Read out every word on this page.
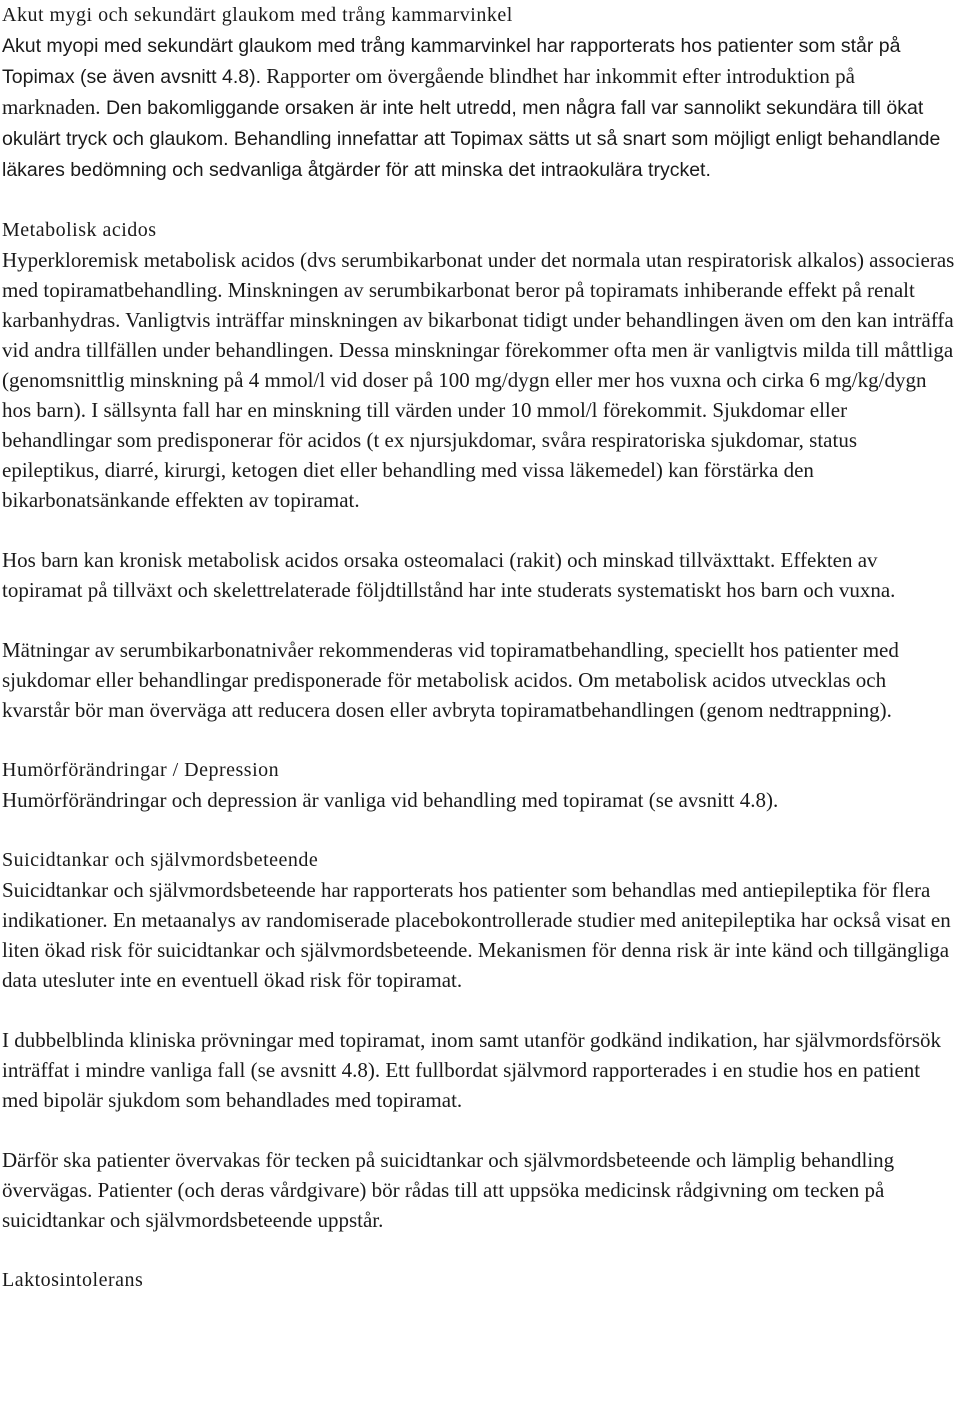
Akut mygi och sekundärt glaukom med trång kammarvinkel

Akut myopi med sekundärt glaukom med trång kammarvinkel har rapporterats hos patienter som står på Topimax (se även avsnitt 4.8). Rapporter om övergående blindhet har inkommit efter introduktion på marknaden. Den bakomliggande orsaken är inte helt utredd, men några fall var sannolikt sekundära till ökat okulärt tryck och glaukom. Behandling innefattar att Topimax sätts ut så snart som möjligt enligt behandlande läkares bedömning och sedvanliga åtgärder för att minska det intraokulära trycket.

Metabolisk acidos

Hyperkloremisk metabolisk acidos (dvs serumbikarbonat under det normala utan respiratorisk alkalos) associeras med topiramatbehandling. Minskningen av serumbikarbonat beror på topiramats inhiberande effekt på renalt karbanhydras. Vanligtvis inträffar minskningen av bikarbonat tidigt under behandlingen även om den kan inträffa vid andra tillfällen under behandlingen. Dessa minskningar förekommer ofta men är vanligtvis milda till måttliga (genomsnittlig minskning på 4 mmol/l vid doser på 100 mg/dygn eller mer hos vuxna och cirka 6 mg/kg/dygn hos barn). I sällsynta fall har en minskning till värden under 10 mmol/l förekommit. Sjukdomar eller behandlingar som predisponerar för acidos (t ex njursjukdomar, svåra respiratoriska sjukdomar, status epileptikus, diarré, kirurgi, ketogen diet eller behandling med vissa läkemedel) kan förstärka den bikarbonatsänkande effekten av topiramat.

Hos barn kan kronisk metabolisk acidos orsaka osteomalaci (rakit) och minskad tillväxttakt. Effekten av topiramat på tillväxt och skelettrelaterade följdtillstånd har inte studerats systematiskt hos barn och vuxna.

Mätningar av serumbikarbonatnivåer rekommenderas vid topiramatbehandling, speciellt hos patienter med sjukdomar eller behandlingar predisponerade för metabolisk acidos. Om metabolisk acidos utvecklas och kvarstår bör man överväga att reducera dosen eller avbryta topiramatbehandlingen (genom nedtrappning).

Humörförändringar / Depression

Humörförändringar och depression är vanliga vid behandling med topiramat (se avsnitt 4.8).

Suicidtankar och självmordsbeteende

Suicidtankar och självmordsbeteende har rapporterats hos patienter som behandlas med antiepileptika för flera indikationer. En metaanalys av randomiserade placebokontrollerade studier med anitepileptika har också visat en liten ökad risk för suicidtankar och självmordsbeteende. Mekanismen för denna risk är inte känd och tillgängliga data utesluter inte en eventuell ökad risk för topiramat.

I dubbelblinda kliniska prövningar med topiramat, inom samt utanför godkänd indikation, har självmordsförsök inträffat i mindre vanliga fall (se avsnitt 4.8). Ett fullbordat självmord rapporterades i en studie hos en patient med bipolär sjukdom som behandlades med topiramat.

Därför ska patienter övervakas för tecken på suicidtankar och självmordsbeteende och lämplig behandling övervägas. Patienter (och deras vårdgivare) bör rådas till att uppsöka medicinsk rådgivning om tecken på suicidtankar och självmordsbeteende uppstår.

Laktosintolerans
